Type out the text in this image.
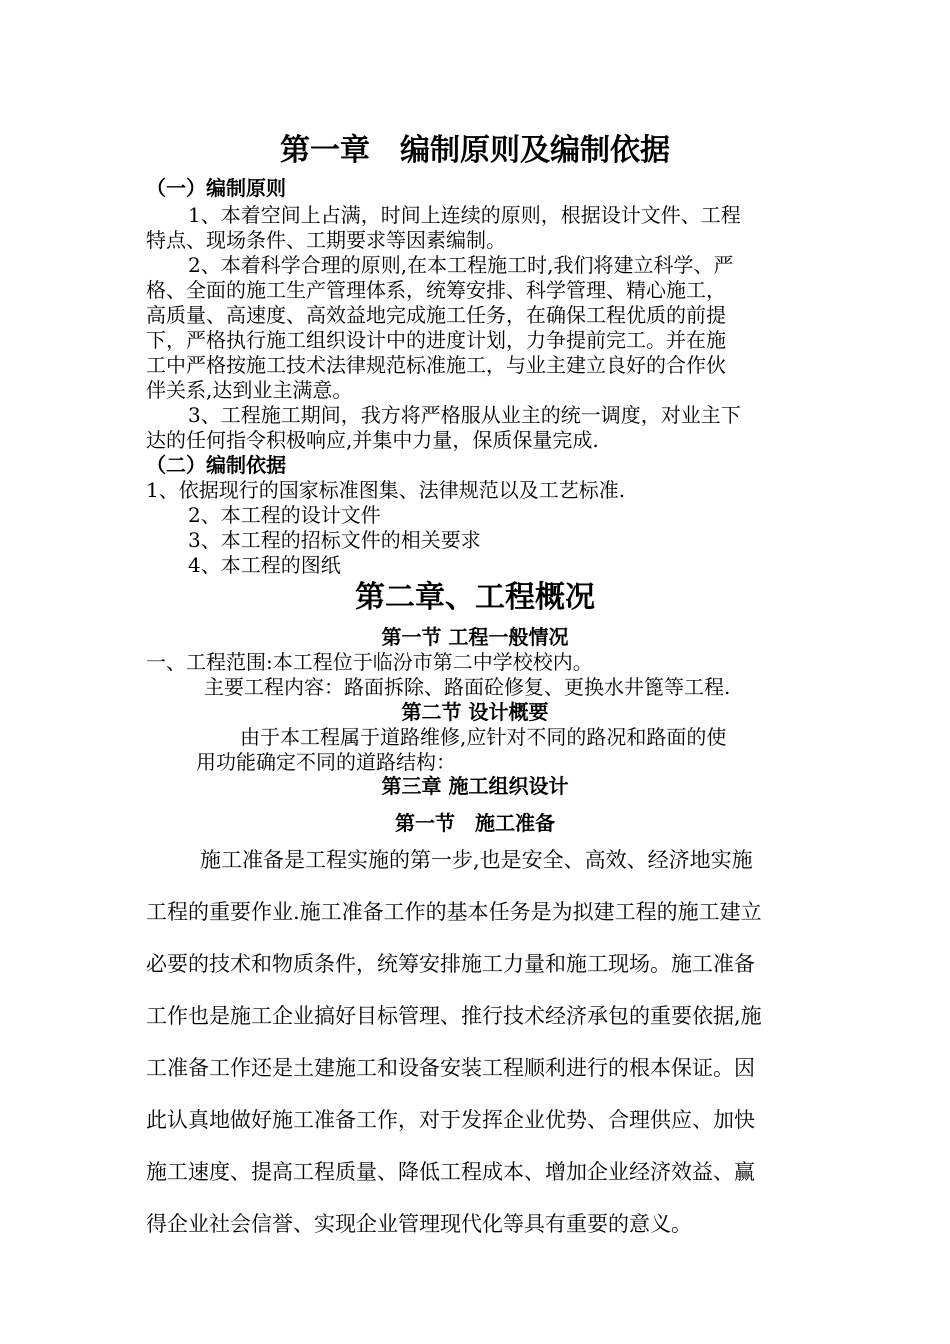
第一章　编制原则及编制依据
（一）编制原则
1、本着空间上占满，时间上连续的原则，根据设计文件、工程
特点、现场条件、工期要求等因素编制。
2、本着科学合理的原则,在本工程施工时,我们将建立科学、严
格、全面的施工生产管理体系，统筹安排、科学管理、精心施工，
高质量、高速度、高效益地完成施工任务，在确保工程优质的前提
下，严格执行施工组织设计中的进度计划，力争提前完工。并在施
工中严格按施工技术法律规范标准施工，与业主建立良好的合作伙
伴关系,达到业主满意。
3、工程施工期间，我方将严格服从业主的统一调度，对业主下
达的任何指令积极响应,并集中力量，保质保量完成.
（二）编制依据
1、依据现行的国家标准图集、法律规范以及工艺标准.
2、本工程的设计文件
3、本工程的招标文件的相关要求
4、本工程的图纸
第二章、工程概况
第一节 工程一般情况
一、工程范围:本工程位于临汾市第二中学校校内。
主要工程内容：路面拆除、路面砼修复、更换水井篦等工程.
第二节 设计概要
由于本工程属于道路维修,应针对不同的路况和路面的使
用功能确定不同的道路结构：
第三章 施工组织设计
第一节　施工准备
施工准备是工程实施的第一步,也是安全、高效、经济地实施
工程的重要作业.施工准备工作的基本任务是为拟建工程的施工建立
必要的技术和物质条件，统筹安排施工力量和施工现场。施工准备
工作也是施工企业搞好目标管理、推行技术经济承包的重要依据,施
工准备工作还是土建施工和设备安装工程顺利进行的根本保证。因
此认真地做好施工准备工作，对于发挥企业优势、合理供应、加快
施工速度、提高工程质量、降低工程成本、增加企业经济效益、赢
得企业社会信誉、实现企业管理现代化等具有重要的意义。
